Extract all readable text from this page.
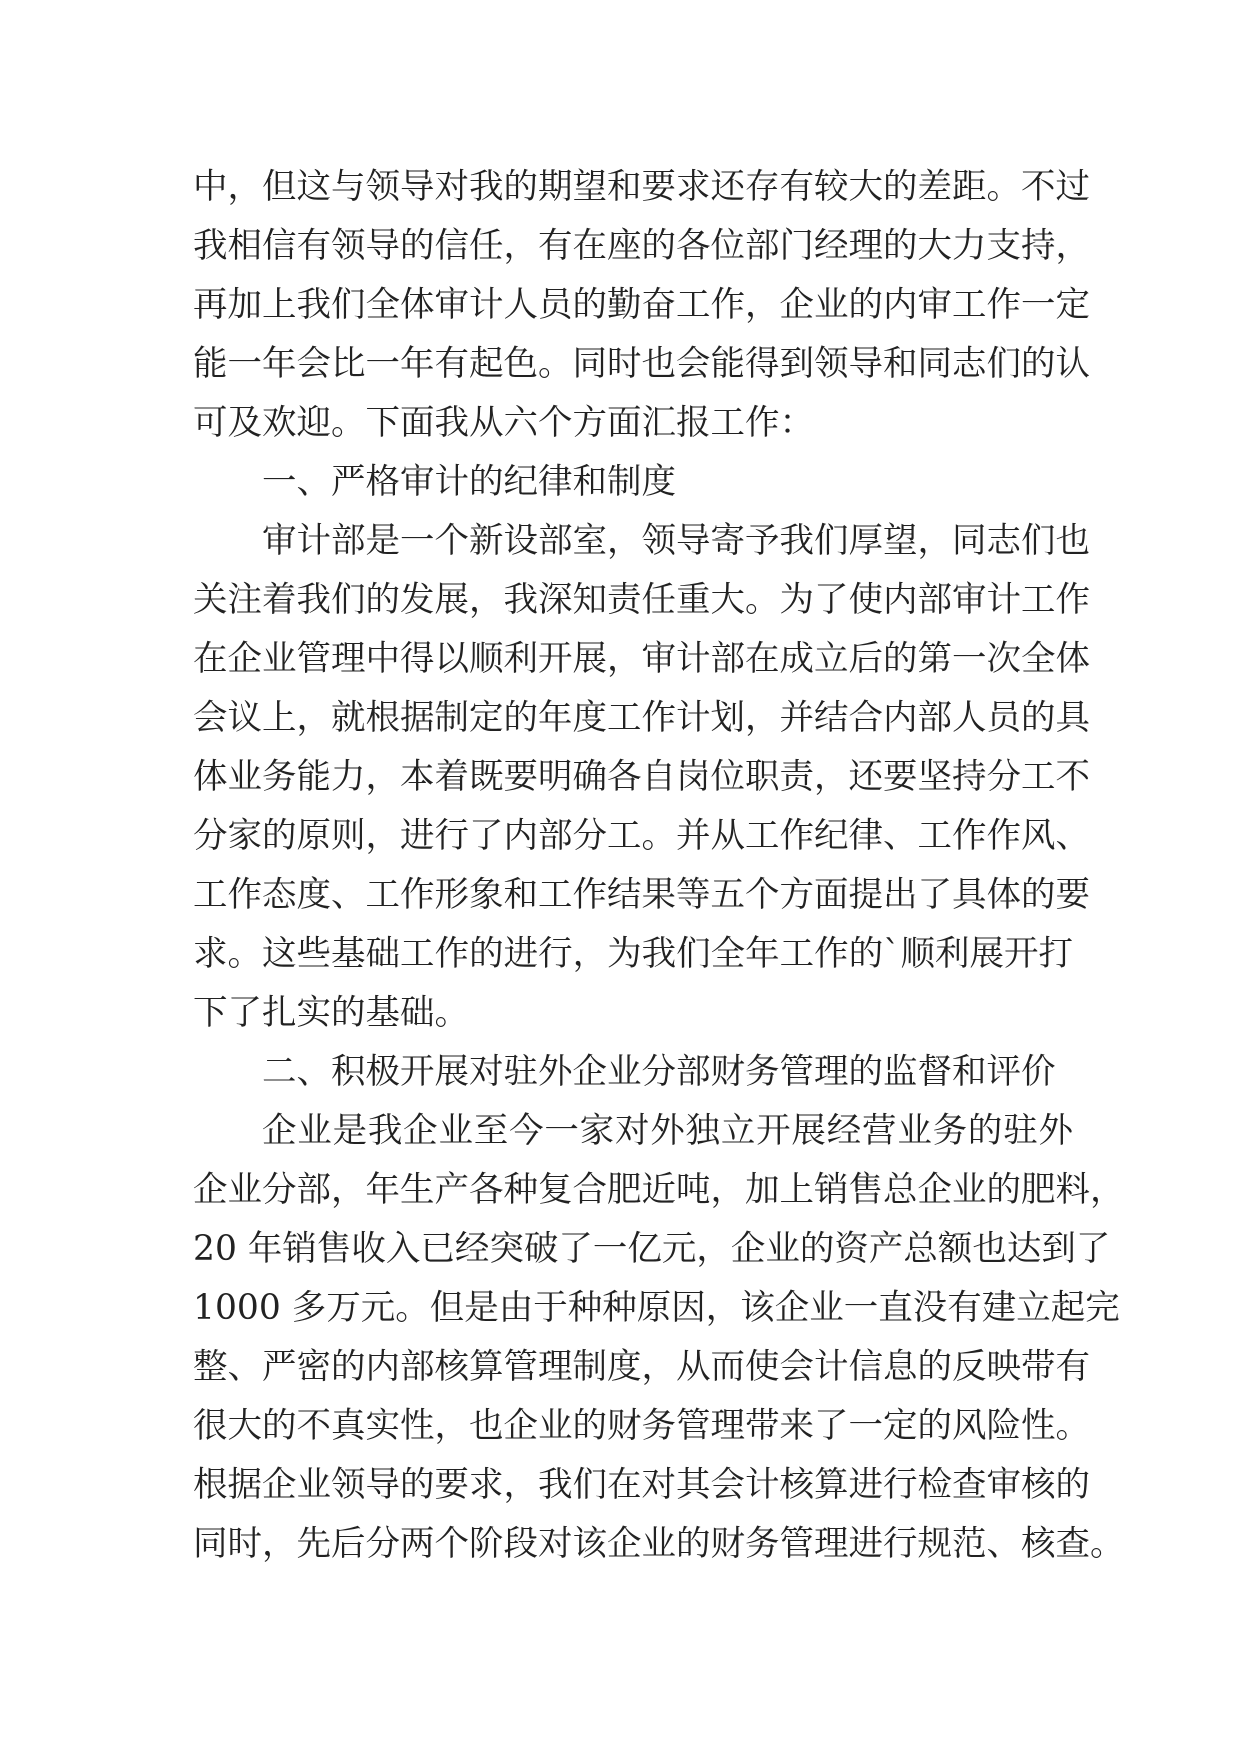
中，但这与领导对我的期望和要求还存有较大的差距。不过
我相信有领导的信任，有在座的各位部门经理的大力支持，
再加上我们全体审计人员的勤奋工作，企业的内审工作一定
能一年会比一年有起色。同时也会能得到领导和同志们的认
可及欢迎。下面我从六个方面汇报工作：
一、严格审计的纪律和制度
审计部是一个新设部室，领导寄予我们厚望，同志们也
关注着我们的发展，我深知责任重大。为了使内部审计工作
在企业管理中得以顺利开展，审计部在成立后的第一次全体
会议上，就根据制定的年度工作计划，并结合内部人员的具
体业务能力，本着既要明确各自岗位职责，还要坚持分工不
分家的原则，进行了内部分工。并从工作纪律、工作作风、
工作态度、工作形象和工作结果等五个方面提出了具体的要
求。这些基础工作的进行，为我们全年工作的`顺利展开打
下了扎实的基础。
二、积极开展对驻外企业分部财务管理的监督和评价
企业是我企业至今一家对外独立开展经营业务的驻外
企业分部，年生产各种复合肥近吨，加上销售总企业的肥料，
20 年销售收入已经突破了一亿元，企业的资产总额也达到了
1000 多万元。但是由于种种原因，该企业一直没有建立起完
整、严密的内部核算管理制度，从而使会计信息的反映带有
很大的不真实性，也企业的财务管理带来了一定的风险性。
根据企业领导的要求，我们在对其会计核算进行检查审核的
同时，先后分两个阶段对该企业的财务管理进行规范、核查。
